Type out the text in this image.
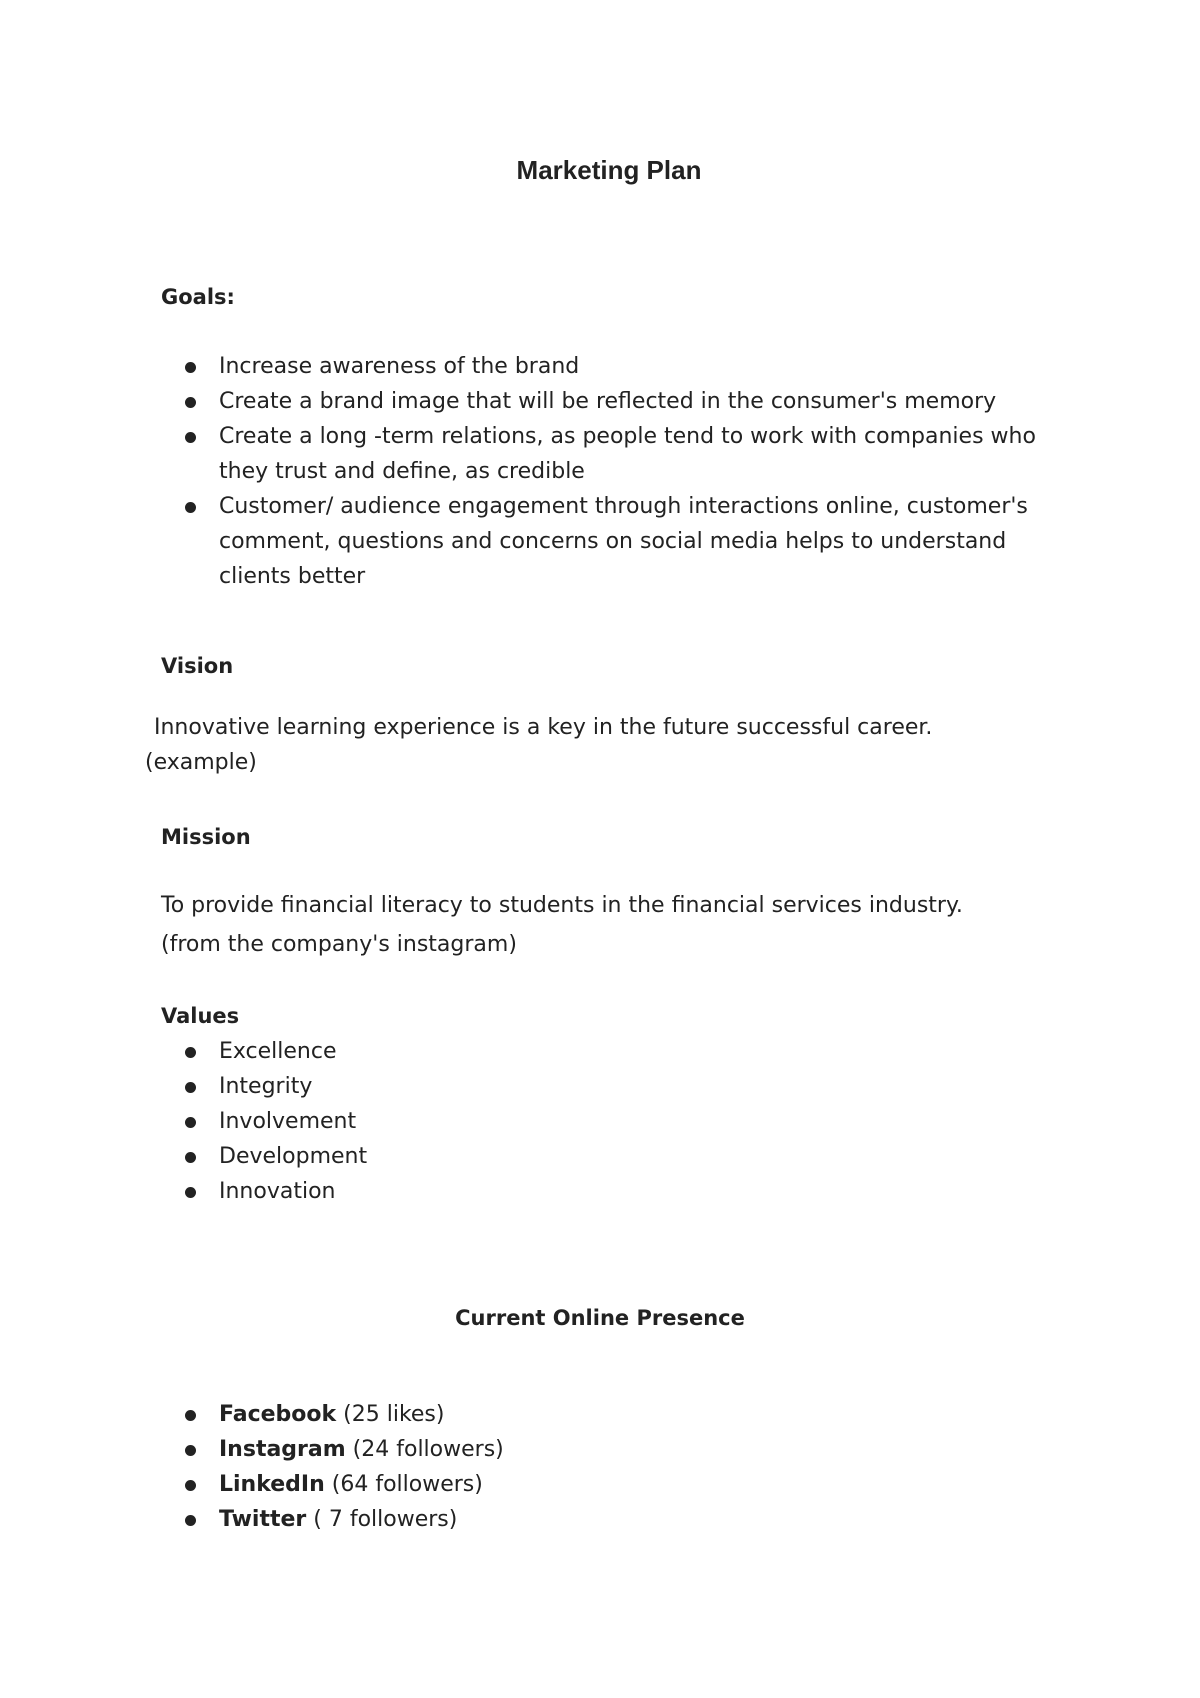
Marketing Plan
Goals:
Increase awareness of the brand
Create a brand image that will be reflected in the consumer's memory
Create a long -term relations, as people tend to work with companies who they trust and define, as credible
Customer/ audience engagement through interactions online, customer's comment, questions and concerns on social media helps to understand clients better
Vision

Innovative learning experience is a key in the future successful career.

(example)

Mission

To provide financial literacy to students in the financial services industry.

(from the company's instagram)

Values
Excellence
Integrity
Involvement
Development
Innovation
Current Online Presence
Facebook (25 likes)
Instagram (24 followers)
LinkedIn (64 followers)
Twitter ( 7 followers)
